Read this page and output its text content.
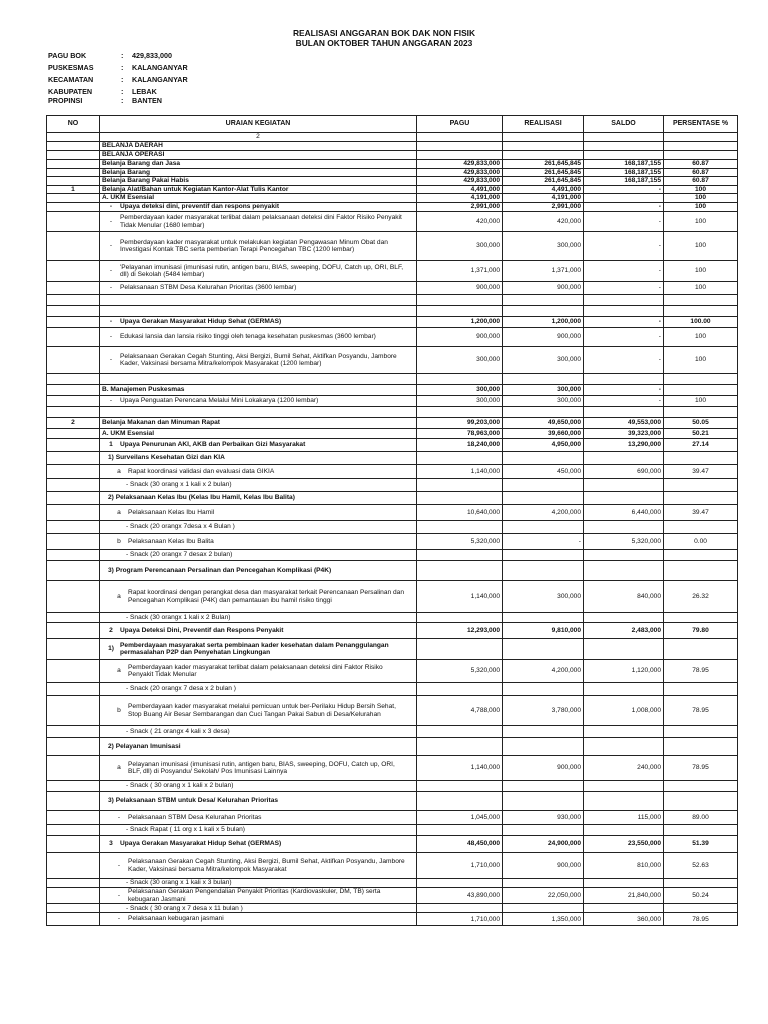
REALISASI ANGGARAN BOK DAK NON FISIK
BULAN OKTOBER TAHUN ANGGARAN 2023
PAGU BOK	: 429,833,000
PUSKESMAS	: KALANGANYAR
KECAMATAN	: KALANGANYAR
KABUPATEN	: LEBAK
PROPINSI	: BANTEN
NO	URAIAN KEGIATAN	PAGU	REALISASI	SALDO	PERSENTASE %
	2				
	BELANJA DAERAH				
	BELANJA OPERASI				
	Belanja Barang dan Jasa	429,833,000	261,645,845	168,187,155	60.87
	Belanja Barang	429,833,000	261,645,845	168,187,155	60.87
	Belanja Barang Pakai Habis	429,833,000	261,645,845	168,187,155	60.87
1	Belanja Alat/Bahan untuk Kegiatan Kantor-Alat Tulis Kantor	4,491,000	4,491,000	-	100
	A. UKM Esensial	4,191,000	4,191,000		100
	- Upaya deteksi dini, preventif dan respons penyakit	2,991,000	2,991,000	-	100
	-Pemberdayaan kader masyarakat terlibat dalam pelaksanaan deteksi dini Faktor Risiko Penyakit Tidak Menular (1680 lembar)	420,000	420,000	-	100
	-Pemberdayaan kader masyarakat untuk melakukan kegiatan Pengawasan Minum Obat dan Investigasi Kontak TBC serta pemberian Terapi Pencegahan TBC (1200 lembar)	300,000	300,000	-	100
	-'Pelayanan imunisasi (imunisasi rutin, antigen baru, BIAS, sweeping, DOFU, Catch up, ORI, BLF, dll) di Sekolah (5484 lembar)	1,371,000	1,371,000	-	100
	- Pelaksanaan STBM Desa Kelurahan Prioritas (3600 lembar)	900,000	900,000	-	100

	- Upaya Gerakan Masyarakat Hidup Sehat (GERMAS)	1,200,000	1,200,000	-	100.00
	- Edukasi lansia dan lansia risiko tinggi oleh tenaga kesehatan puskesmas (3600 lembar)	900,000	900,000	-	100
	-Pelaksanaan Gerakan Cegah Stunting, Aksi Bergizi, Bumil Sehat, Aktifkan Posyandu, Jambore Kader, Vaksinasi bersama Mitra/kelompok Masyarakat (1200 lembar)	300,000	300,000	-	100

	B. Manajemen Puskesmas	300,000	300,000	-	
	- Upaya Penguatan Perencana Melalui Mini Lokakarya (1200 lembar)	300,000	300,000	-	100

2	Belanja Makanan dan Minuman Rapat	99,203,000	49,650,000	49,553,000	50.05
	A. UKM Esensial	78,963,000	39,660,000	39,323,000	50.21
	1 Upaya Penurunan AKI, AKB dan Perbaikan Gizi Masyarakat	18,240,000	4,950,000	13,290,000	27.14
	1) Surveilans Kesehatan Gizi dan KIA				
	a Rapat koordinasi validasi dan evaluasi data GIKIA	1,140,000	450,000	690,000	39.47
	- Snack (30 orang x 1 kali x 2 bulan)				
	2) Pelaksanaan Kelas Ibu (Kelas Ibu Hamil, Kelas Ibu Balita)				
	a Pelaksanaan Kelas Ibu Hamil	10,640,000	4,200,000	6,440,000	39.47
	- Snack (20 orangx 7desa x 4 Bulan )				
	b Pelaksanaan Kelas Ibu Balita	5,320,000	-	5,320,000	0.00
	- Snack (20 orangx 7 desax 2 bulan)				
	3) Program Perencanaan Persalinan dan Pencegahan Komplikasi (P4K)				
	aRapat koordinasi dengan perangkat desa dan masyarakat terkait Perencanaan Persalinan dan Pencegahan Komplikasi (P4K) dan pemantauan ibu hamil risiko tinggi	1,140,000	300,000	840,000	26.32
	- Snack (30 orangx 1 kali x 2 Bulan)				
	2 Upaya Deteksi Dini, Preventif dan Respons Penyakit	12,293,000	9,810,000	2,483,000	79.80
	1)Pemberdayaan masyarakat serta pembinaan kader kesehatan dalam Penanggulangan permasalahan P2P dan Penyehatan Lingkungan				
	aPemberdayaan kader masyarakat terlibat dalam pelaksanaan deteksi dini Faktor Risiko Penyakit Tidak Menular	5,320,000	4,200,000	1,120,000	78.95
	- Snack (20 orangx 7 desa x 2 bulan )				
	bPemberdayaan kader masyarakat melalui pemicuan untuk ber-Perilaku Hidup Bersih Sehat, Stop Buang Air Besar Sembarangan dan Cuci Tangan Pakai Sabun di Desa/Kelurahan	4,788,000	3,780,000	1,008,000	78.95
	- Snack ( 21 orangx 4 kali x 3 desa)				
	2) Pelayanan Imunisasi				
	aPelayanan imunisasi (imunisasi rutin, antigen baru, BIAS, sweeping, DOFU, Catch up, ORI, BLF, dll) di Posyandu/ Sekolah/ Pos Imunisasi Lainnya	1,140,000	900,000	240,000	78.95
	- Snack ( 30 orang x 1 kali x 2 bulan)				
	3) Pelaksanaan STBM untuk Desa/ Kelurahan Prioritas				
	- Pelaksanaan STBM Desa Kelurahan Prioritas	1,045,000	930,000	115,000	89.00
	- Snack Rapat ( 11 org x 1 kali x 5 bulan)				
	3 Upaya Gerakan Masyarakat Hidup Sehat (GERMAS)	48,450,000	24,900,000	23,550,000	51.39
	-Pelaksanaan Gerakan Cegah Stunting, Aksi Bergizi, Bumil Sehat, Aktifkan Posyandu, Jambore Kader, Vaksinasi bersama Mitra/kelompok Masyarakat	1,710,000	900,000	810,000	52.63
	- Snack (30 orang x 1 kali x 3 bulan)				
	-Pelaksanaan Gerakan Pengendalian Penyakit Prioritas (Kardiovaskuler, DM, TB) serta kebugaran Jasmani	43,890,000	22,050,000	21,840,000	50.24
	- Snack ( 30 orang x 7 desa x 11 bulan )				
	- Pelaksanaan kebugaran jasmani	1,710,000	1,350,000	360,000	78.95
